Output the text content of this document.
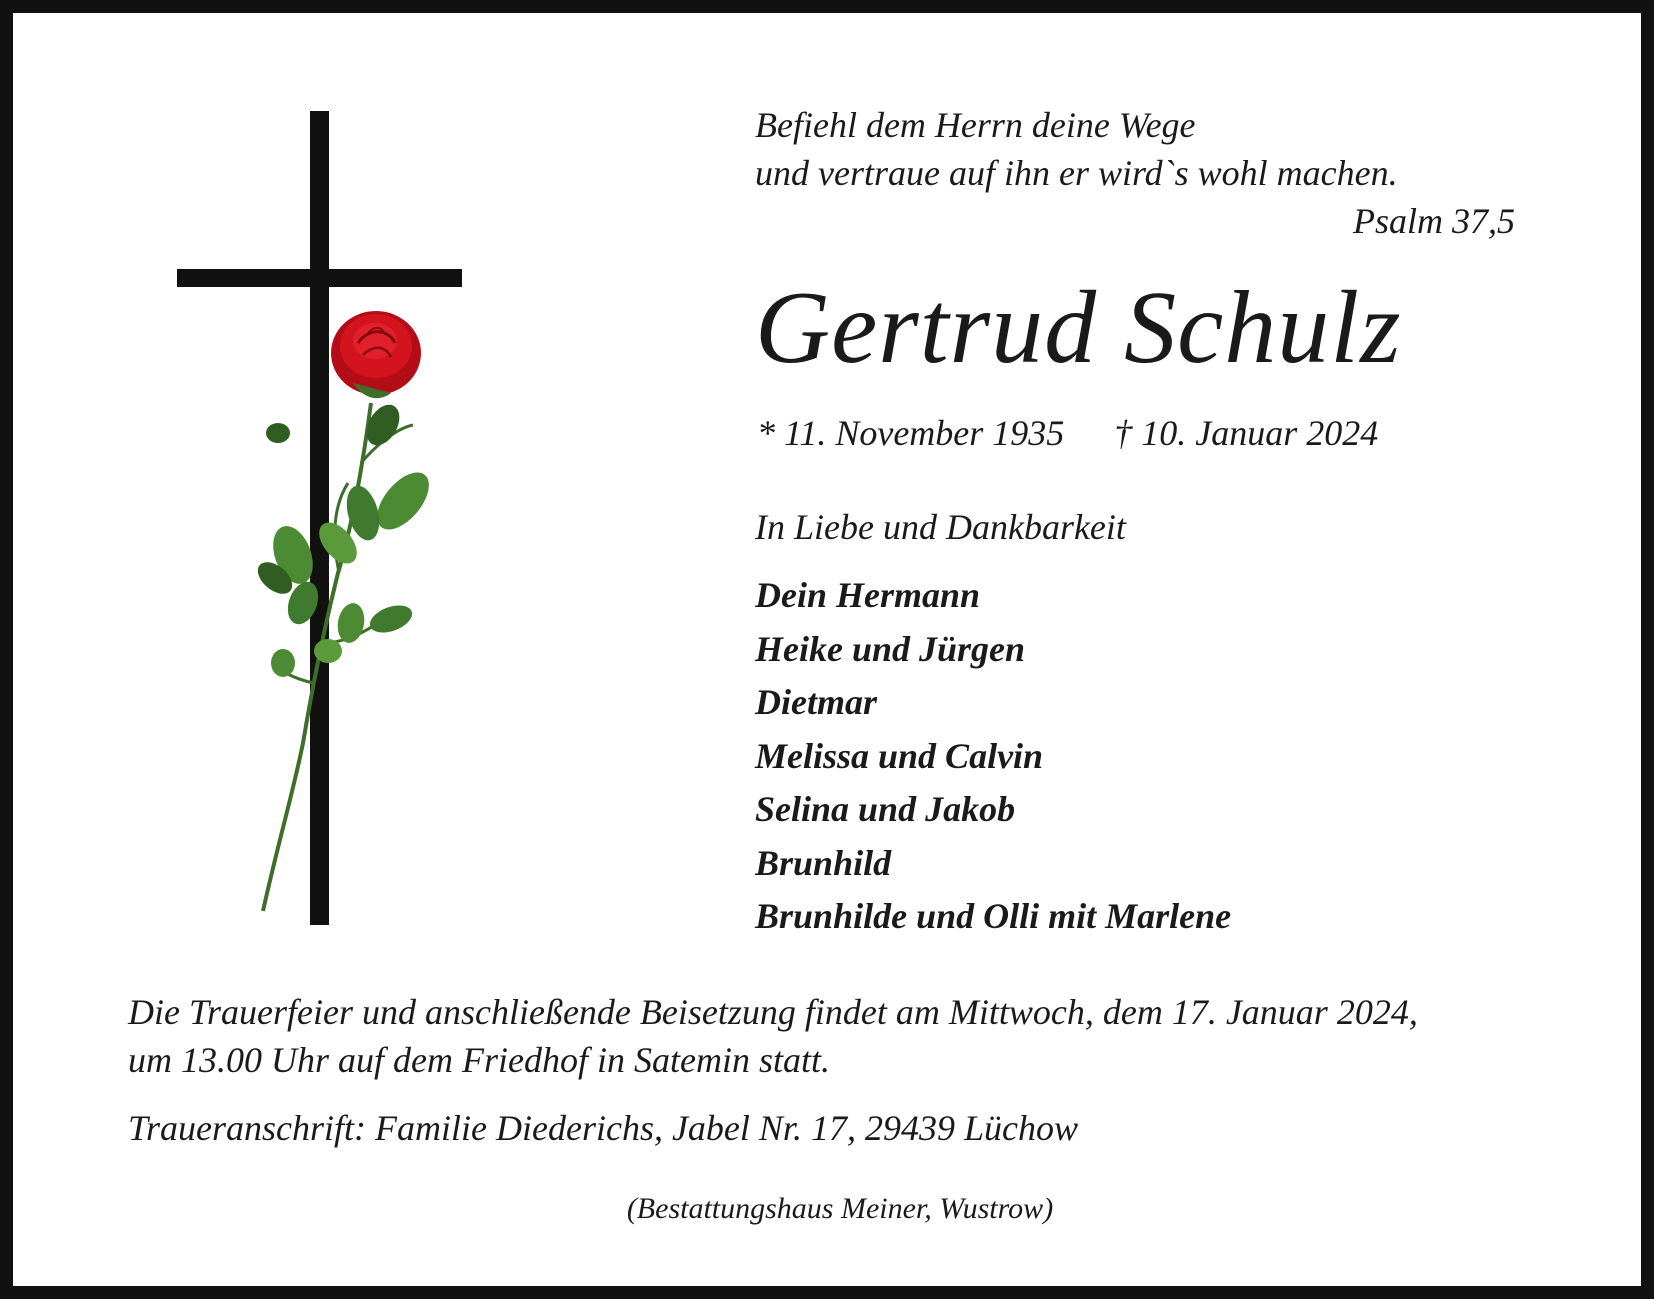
Befiehl dem Herrn deine Wege
und vertraue auf ihn er wird`s wohl machen.
Psalm 37,5
Gertrud Schulz
* 11. November 1935 † 10. Januar 2024
In Liebe und Dankbarkeit
Dein Hermann
Heike und Jürgen
Dietmar
Melissa und Calvin
Selina und Jakob
Brunhild
Brunhilde und Olli mit Marlene
Die Trauerfeier und anschließende Beisetzung findet am Mittwoch, dem 17. Januar 2024,
um 13.00 Uhr auf dem Friedhof in Satemin statt.
Traueranschrift: Familie Diederichs, Jabel Nr. 17, 29439 Lüchow
(Bestattungshaus Meiner, Wustrow)
